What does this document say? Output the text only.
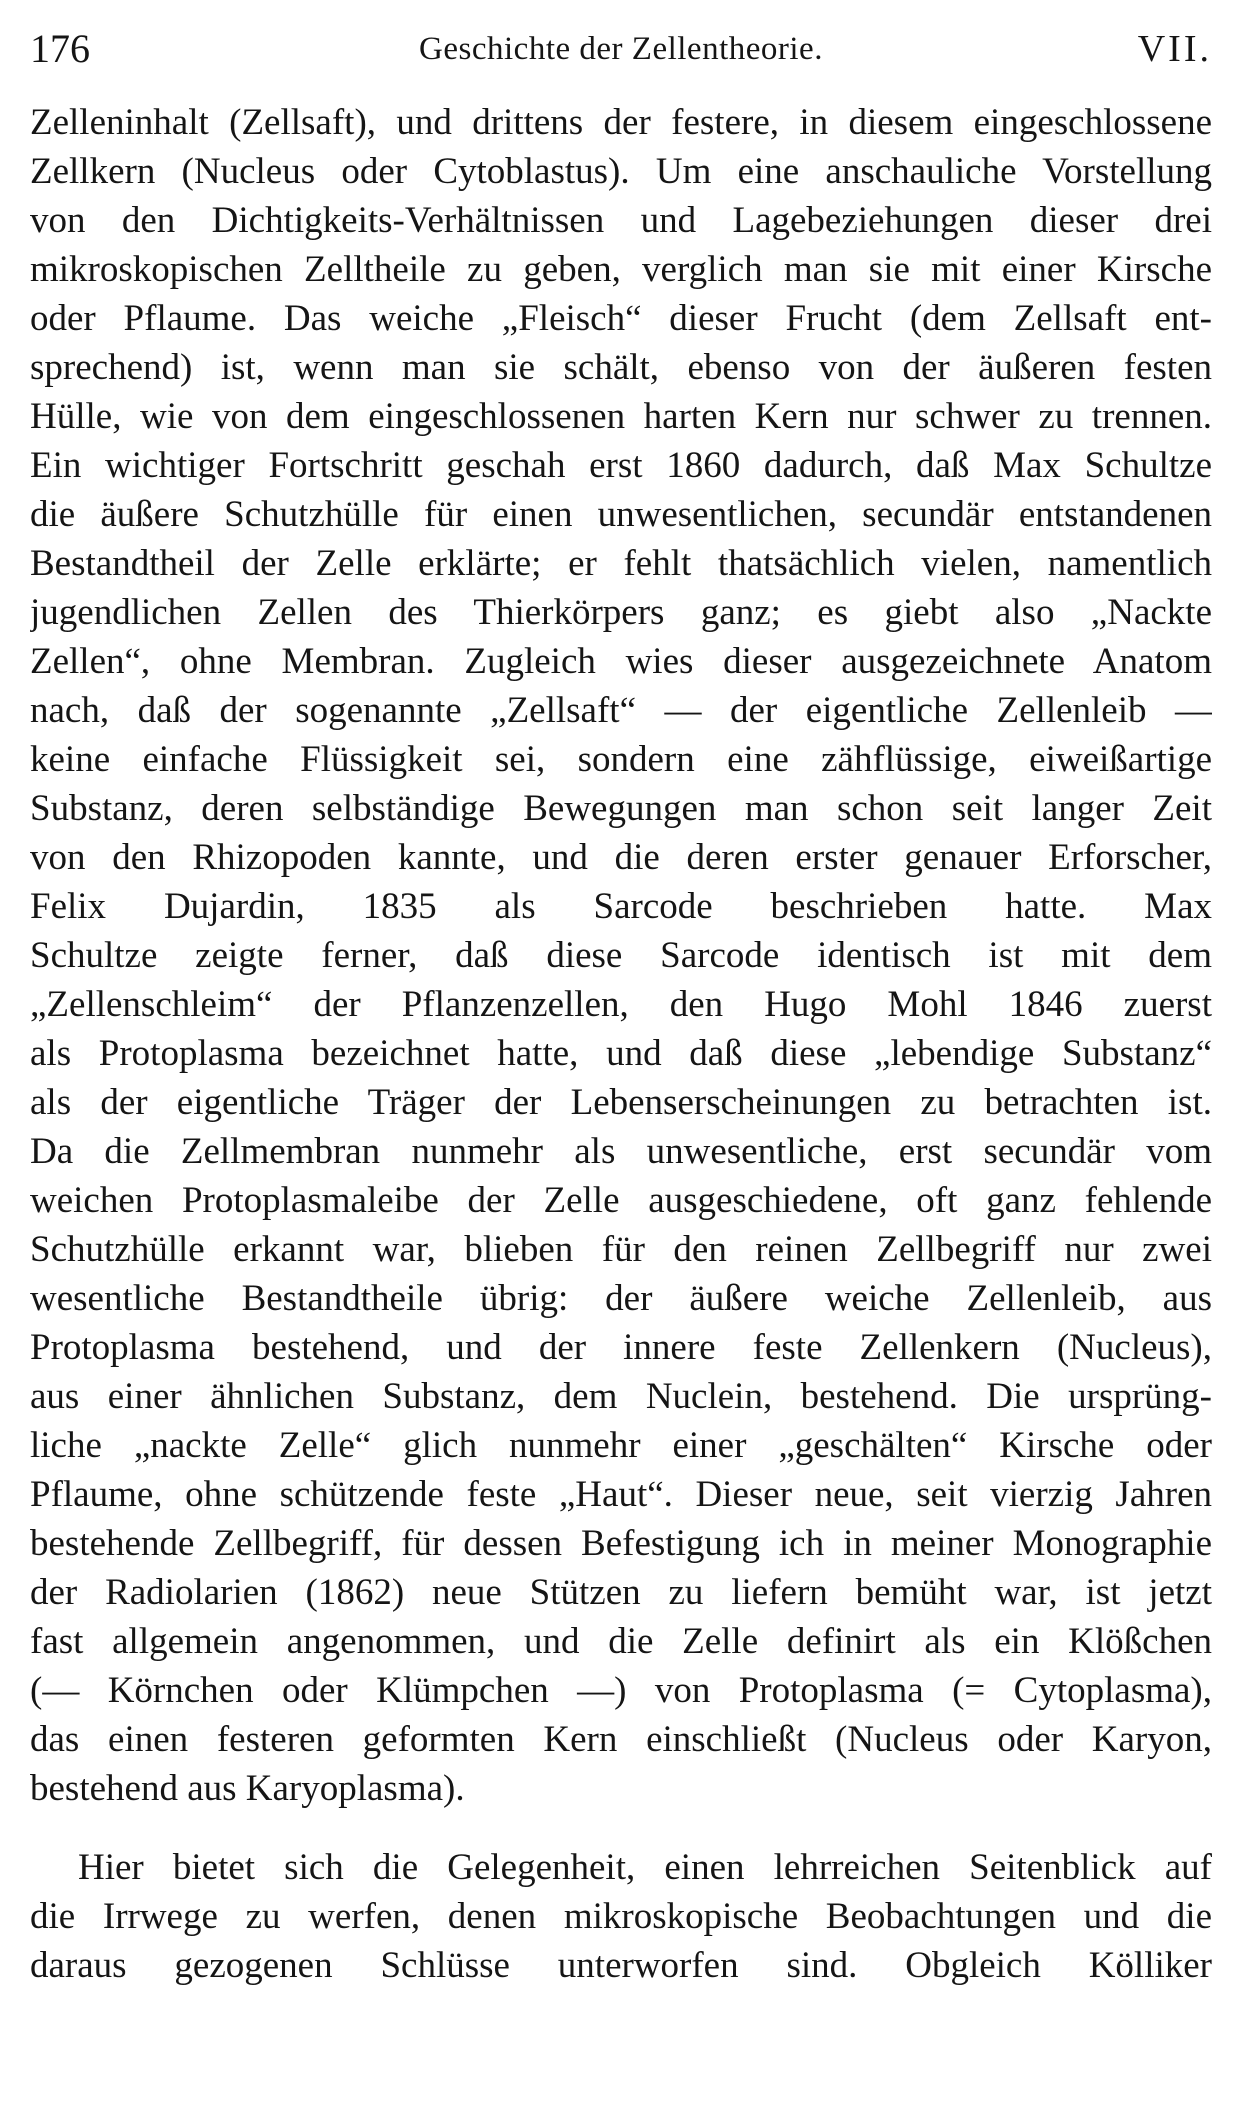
176	Geschichte der Zellentheorie.	VII.
Zelleninhalt (Zellsaft), und drittens der festere, in diesem eingeschlossene
Zellkern (Nucleus oder Cytoblastus). Um eine anschauliche Vorstellung
von den Dichtigkeits-Verhältnissen und Lagebeziehungen dieser drei
mikroskopischen Zelltheile zu geben, verglich man sie mit einer Kirsche
oder Pflaume. Das weiche „Fleisch“ dieser Frucht (dem Zellsaft ent-
sprechend) ist, wenn man sie schält, ebenso von der äußeren festen
Hülle, wie von dem eingeschlossenen harten Kern nur schwer zu trennen.
Ein wichtiger Fortschritt geschah erst 1860 dadurch, daß Max Schultze
die äußere Schutzhülle für einen unwesentlichen, secundär entstandenen
Bestandtheil der Zelle erklärte; er fehlt thatsächlich vielen, namentlich
jugendlichen Zellen des Thierkörpers ganz; es giebt also „Nackte
Zellen“, ohne Membran. Zugleich wies dieser ausgezeichnete Anatom
nach, daß der sogenannte „Zellsaft“ — der eigentliche Zellenleib —
keine einfache Flüssigkeit sei, sondern eine zähflüssige, eiweißartige
Substanz, deren selbständige Bewegungen man schon seit langer Zeit
von den Rhizopoden kannte, und die deren erster genauer Erforscher,
Felix Dujardin, 1835 als Sarcode beschrieben hatte. Max
Schultze zeigte ferner, daß diese Sarcode identisch ist mit dem
„Zellenschleim“ der Pflanzenzellen, den Hugo Mohl 1846 zuerst
als Protoplasma bezeichnet hatte, und daß diese „lebendige Substanz“
als der eigentliche Träger der Lebenserscheinungen zu betrachten ist.
Da die Zellmembran nunmehr als unwesentliche, erst secundär vom
weichen Protoplasmaleibe der Zelle ausgeschiedene, oft ganz fehlende
Schutzhülle erkannt war, blieben für den reinen Zellbegriff nur zwei
wesentliche Bestandtheile übrig: der äußere weiche Zellenleib, aus
Protoplasma bestehend, und der innere feste Zellenkern (Nucleus),
aus einer ähnlichen Substanz, dem Nuclein, bestehend. Die ursprüng-
liche „nackte Zelle“ glich nunmehr einer „geschälten“ Kirsche oder
Pflaume, ohne schützende feste „Haut“. Dieser neue, seit vierzig Jahren
bestehende Zellbegriff, für dessen Befestigung ich in meiner Monographie
der Radiolarien (1862) neue Stützen zu liefern bemüht war, ist jetzt
fast allgemein angenommen, und die Zelle definirt als ein Klößchen
(— Körnchen oder Klümpchen —) von Protoplasma (= Cytoplasma),
das einen festeren geformten Kern einschließt (Nucleus oder Karyon,
bestehend aus Karyoplasma).
Hier bietet sich die Gelegenheit, einen lehrreichen Seitenblick auf
die Irrwege zu werfen, denen mikroskopische Beobachtungen und die
daraus gezogenen Schlüsse unterworfen sind. Obgleich Kölliker
